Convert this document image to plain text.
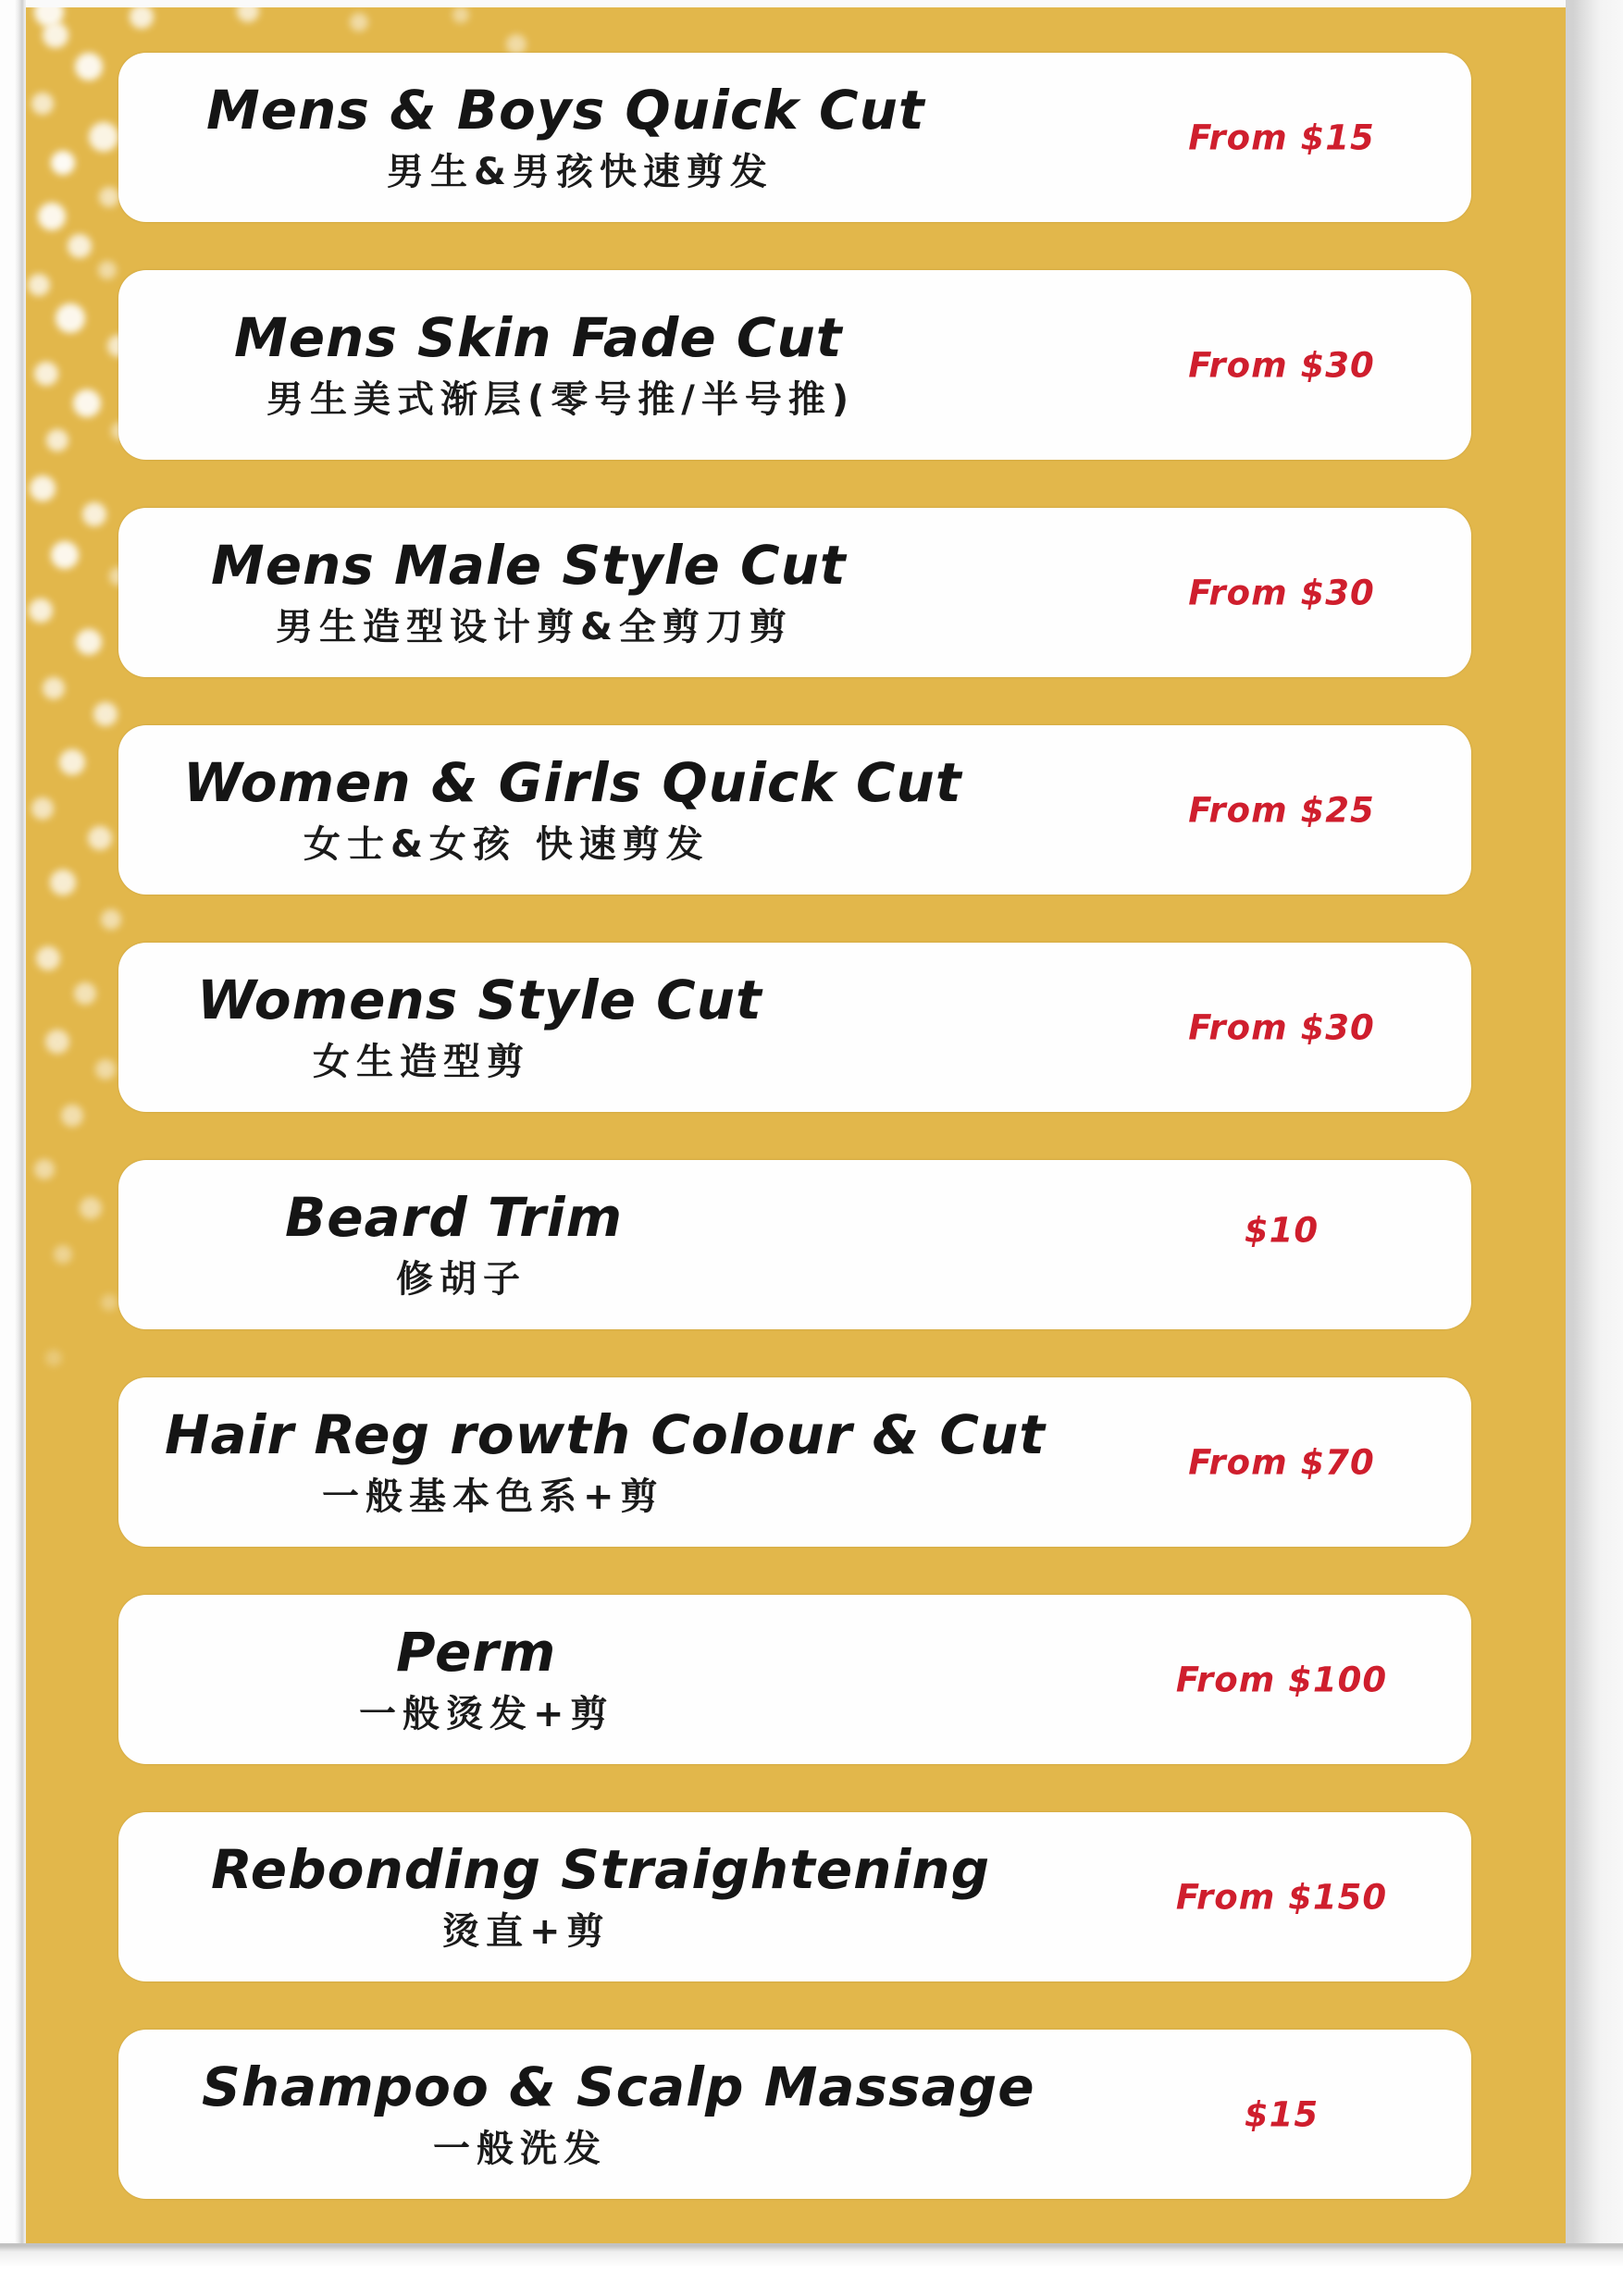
Mens & Boys Quick Cut
男生&男孩快速剪发
From $15
Mens Skin Fade Cut
男生美式渐层(零号推/半号推)
From $30
Mens Male Style Cut
男生造型设计剪&全剪刀剪
From $30
Women & Girls Quick Cut
女士&女孩 快速剪发
From $25
Womens Style Cut
女生造型剪
From $30
Beard Trim
修胡子
$10
Hair Reg rowth Colour & Cut
一般基本色系+剪
From $70
Perm
一般烫发+剪
From $100
Rebonding Straightening
烫直+剪
From $150
Shampoo & Scalp Massage
一般洗发
$15
